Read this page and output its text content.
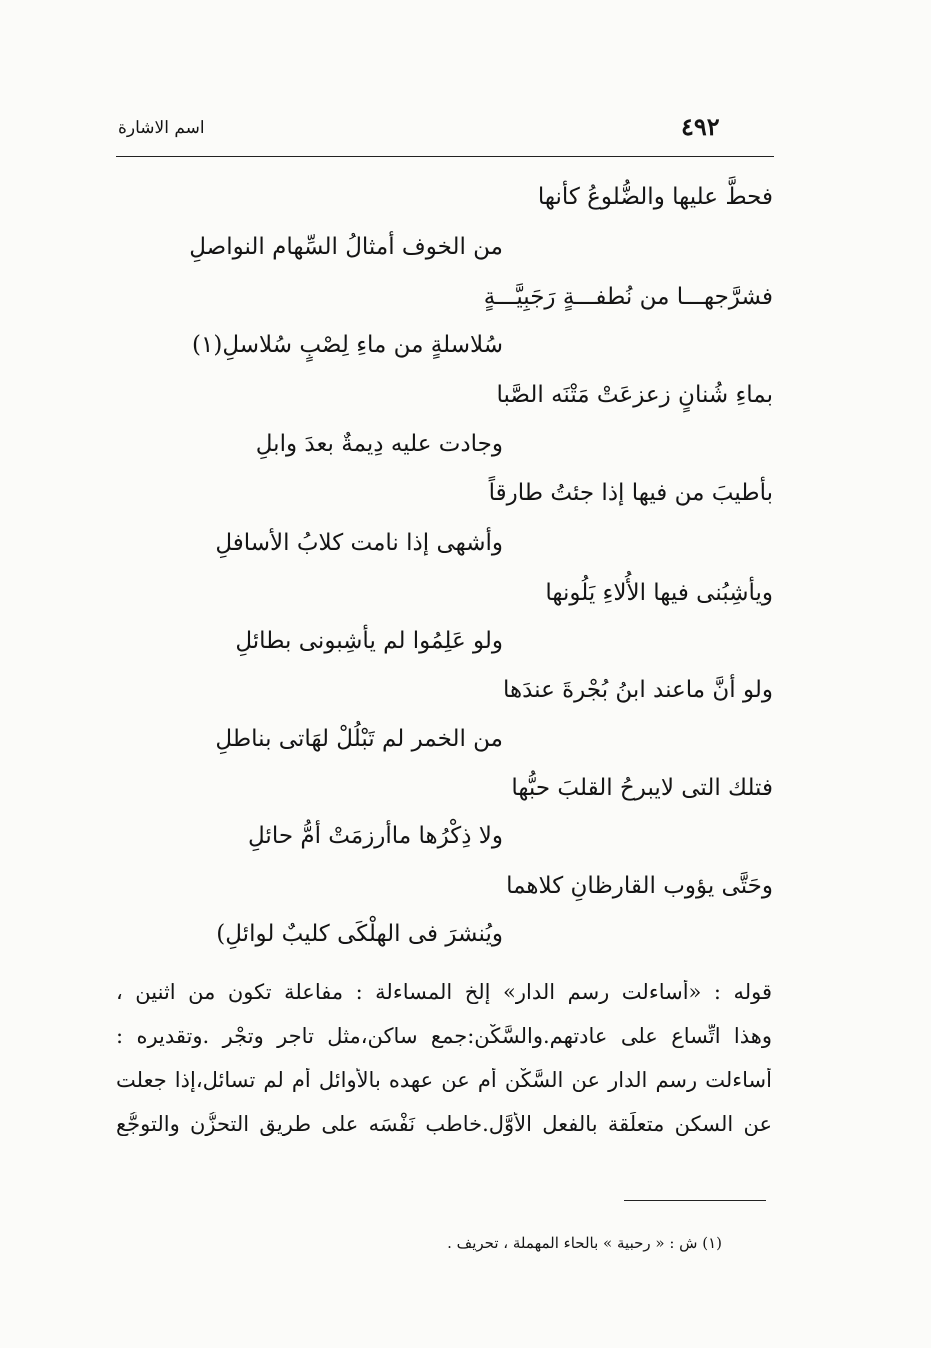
اسم الاشارة	٤٩٢
فحطَّ عليها والضُّلوعُ كأنها
من الخوف أمثالُ السِّهام النواصلِ
فشرَّجهـــا من نُطفـــةٍ رَجَبِيَّـــةٍ
سُلاسلةٍ من ماءِ لِصْبٍ سُلاسلِ(١)
بماءِ شُنانٍ زعزعَتْ مَتْنَه الصَّبا
وجادت عليه دِيمةٌ بعدَ وابلِ
بأطيبَ من فيها إذا جئتُ طارقاً
وأشهى إذا نامت كلابُ الأسافلِ
ويأشِبُنى فيها الأُلاءِ يَلُونها
ولو عَلِمُوا لم يأشِبونى بطائلِ
ولو أنَّ ماعند ابنُ بُجْرةَ عندَها
من الخمر لم تَبْلُلْ لهَاتى بناطلِ
فتلك التى لايبرحُ القلبَ حبُّها
ولا ذِكْرُها ماأرزمَتْ أمُّ حائلِ
وحَتَّى يؤوب القارظانِ كلاهما
ويُنشرَ فى الهلْكَى كليبٌ لوائلِ)
قوله : «أساءلت رسم الدار» إلخ المساءلة : مفاعلة تكون من اثنين ،
وهذا اتِّساع على عادتهم.والسَّكْن:جمع ساكن،مثل تاجر وتجْر .وتقديره :
أساءلت رسم الدار عن السَّكْن أم عن عهده بالأوائل أم لم تسائل،إذا جعلت
عن السكن متعلِّقة بالفعل الأوَّل.خاطب نَفْسَه على طريق التحزُّن والتوجُّع
(١) ش : « رحبية » بالحاء المهملة ، تحريف .
